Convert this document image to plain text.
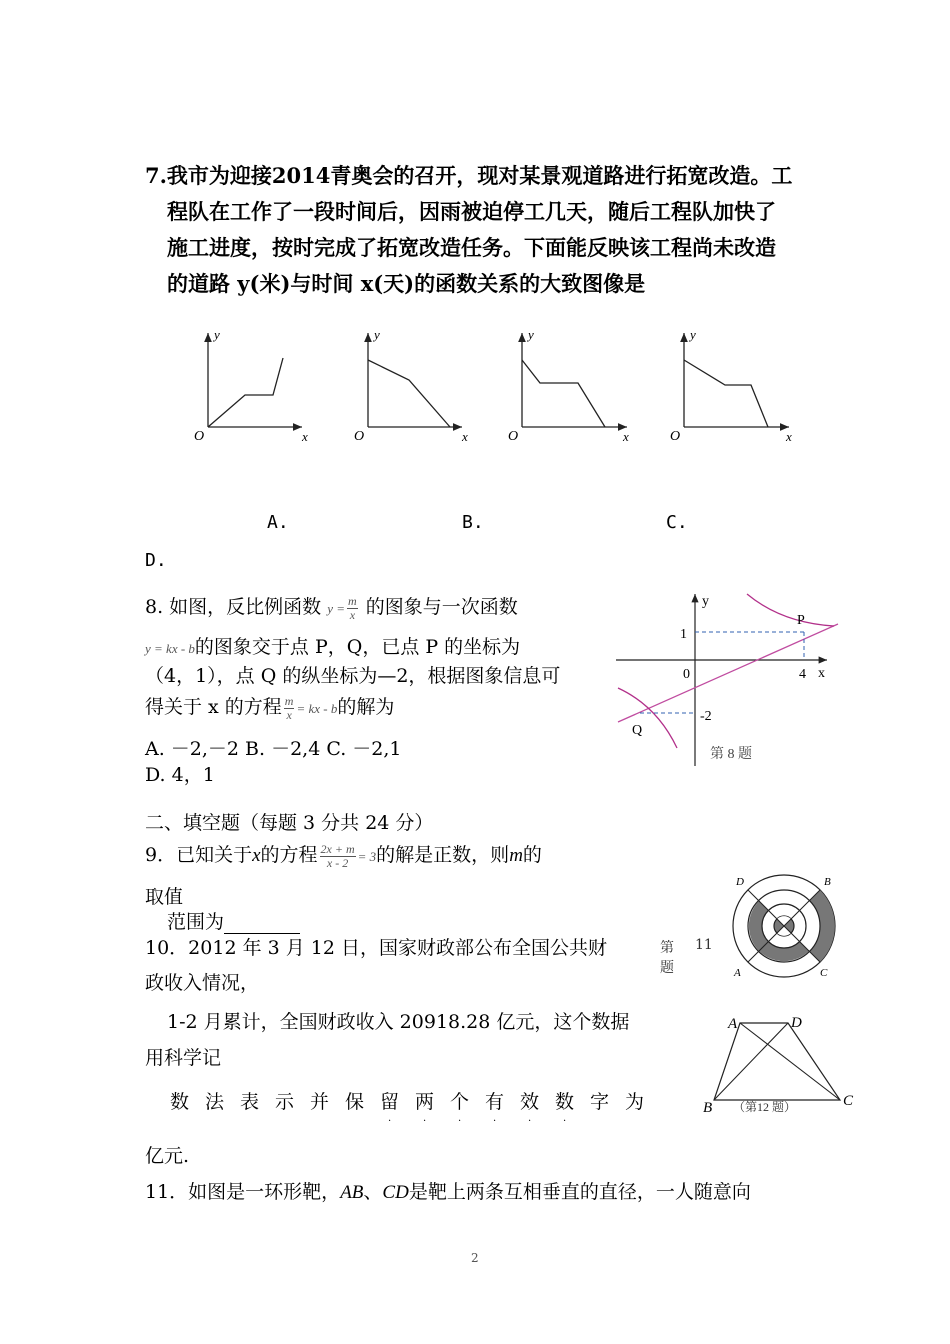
7.我市为迎接2014青奥会的召开，现对某景观道路进行拓宽改造。工
程队在工作了一段时间后，因雨被迫停工几天，随后工程队加快了
施工进度，按时完成了拓宽改造任务。下面能反映该工程尚未改造
的道路 y(米)与时间 x(天)的函数关系的大致图像是
y
x
O
y
x
O
y
x
O
y
x
O
A.	B.	C.
D.
8. 如图，反比例函数 $y = \frac{m}{x}$ 的图象与一次函数
y = kx - b的图象交于点 P，Q，已点 P 的坐标为
（4，1），点 Q 的纵坐标为—2，根据图象信息可
得关于 x 的方程 $\frac{m}{x}$ = kx - b的解为
A. －2,－2 B. －2,4 C. －2,1
D. 4，1
y
x
0
1
4
-2
P
Q
第 8 题
二、填空题（每题 3 分共 24 分）
9．已知关于x的方程 $\frac{2x + m}{x - 2} = 3$的解是正数，则m的
取值
范围为
D	B
A	C
第 11
题
10．2012 年 3 月 12 日，国家财政部公布全国公共财
政收入情况，
1-2 月累计，全国财政收入 20918.28 亿元，这个数据
用科学记
数 法 表 示 并 保 留 两 个 有 效 数 字 为
亿元.
A	D
B	C
（第12 题）
11．如图是一环形靶，AB、CD是靶上两条互相垂直的直径，一人随意向
2
